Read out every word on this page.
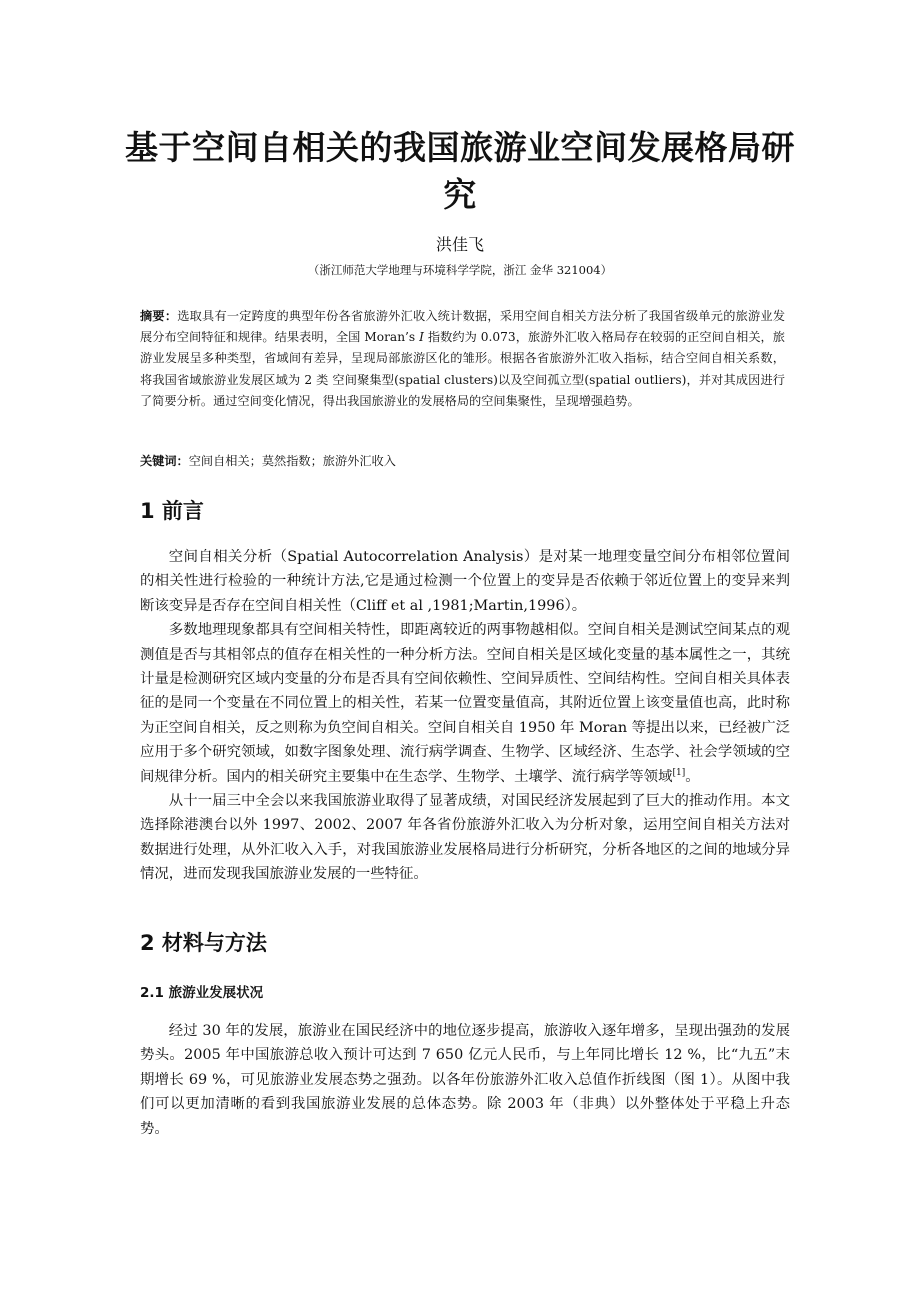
基于空间自相关的我国旅游业空间发展格局研究
洪佳飞
（浙江师范大学地理与环境科学学院，浙江 金华 321004）
摘要：选取具有一定跨度的典型年份各省旅游外汇收入统计数据，采用空间自相关方法分析了我国省级单元的旅游业发展分布空间特征和规律。结果表明，全国 Moran’s I 指数约为 0.073，旅游外汇收入格局存在较弱的正空间自相关，旅游业发展呈多种类型，省域间有差异，呈现局部旅游区化的雏形。根据各省旅游外汇收入指标，结合空间自相关系数，将我国省域旅游业发展区域为 2 类 空间聚集型(spatial clusters)以及空间孤立型(spatial outliers)，并对其成因进行了简要分析。通过空间变化情况，得出我国旅游业的发展格局的空间集聚性，呈现增强趋势。
关键词：空间自相关；莫然指数；旅游外汇收入
1 前言

空间自相关分析（Spatial Autocorrelation Analysis）是对某一地理变量空间分布相邻位置间的相关性进行检验的一种统计方法,它是通过检测一个位置上的变异是否依赖于邻近位置上的变异来判断该变异是否存在空间自相关性（Cliff et al ,1981;Martin,1996）。

多数地理现象都具有空间相关特性，即距离较近的两事物越相似。空间自相关是测试空间某点的观测值是否与其相邻点的值存在相关性的一种分析方法。空间自相关是区域化变量的基本属性之一，其统计量是检测研究区域内变量的分布是否具有空间依赖性、空间异质性、空间结构性。空间自相关具体表征的是同一个变量在不同位置上的相关性，若某一位置变量值高，其附近位置上该变量值也高，此时称为正空间自相关，反之则称为负空间自相关。空间自相关自 1950 年 Moran 等提出以来，已经被广泛应用于多个研究领域，如数字图象处理、流行病学调查、生物学、区域经济、生态学、社会学领域的空间规律分析。国内的相关研究主要集中在生态学、生物学、土壤学、流行病学等领域[1]。

从十一届三中全会以来我国旅游业取得了显著成绩，对国民经济发展起到了巨大的推动作用。本文选择除港澳台以外 1997、2002、2007 年各省份旅游外汇收入为分析对象，运用空间自相关方法对数据进行处理，从外汇收入入手，对我国旅游业发展格局进行分析研究，分析各地区的之间的地域分异情况，进而发现我国旅游业发展的一些特征。

2 材料与方法
2.1 旅游业发展状况

经过 30 年的发展，旅游业在国民经济中的地位逐步提高，旅游收入逐年增多，呈现出强劲的发展势头。2005 年中国旅游总收入预计可达到 7 650 亿元人民币，与上年同比增长 12 %，比“九五”末期增长 69 %，可见旅游业发展态势之强劲。以各年份旅游外汇收入总值作折线图（图 1）。从图中我们可以更加清晰的看到我国旅游业发展的总体态势。除 2003 年（非典）以外整体处于平稳上升态势。
